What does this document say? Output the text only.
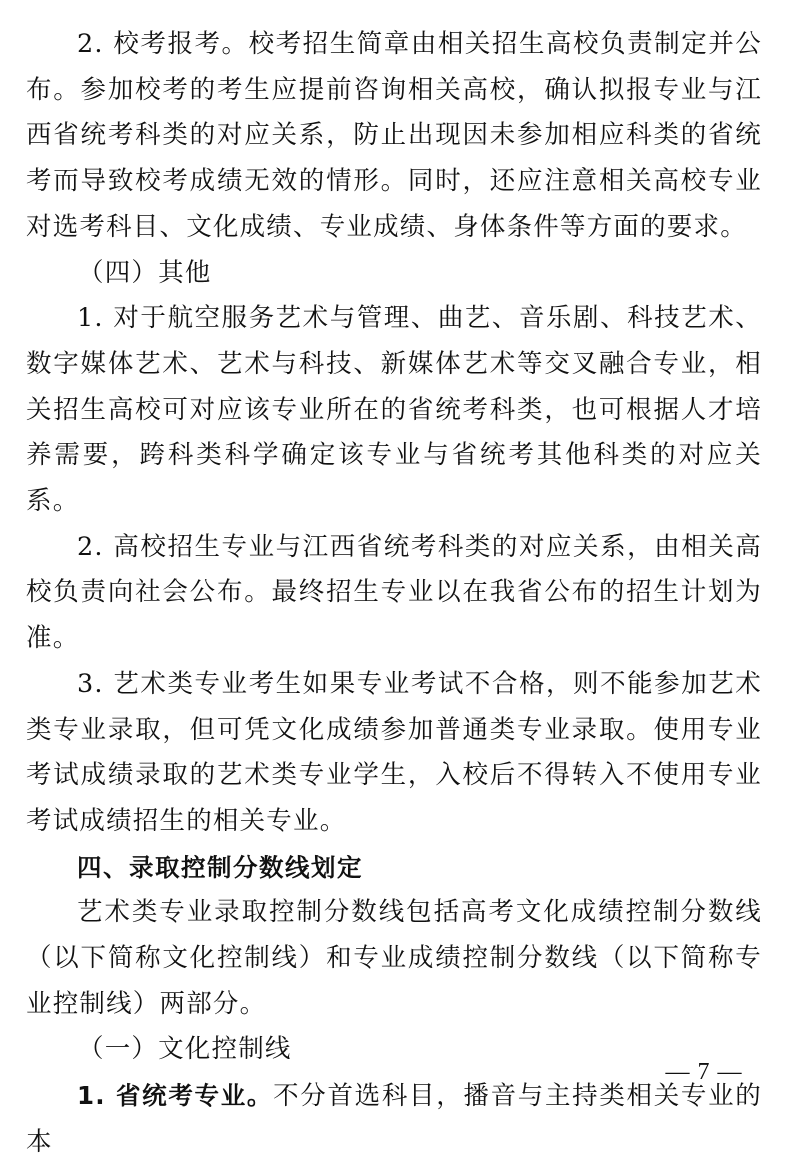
2. 校考报考。校考招生简章由相关招生高校负责制定并公布。参加校考的考生应提前咨询相关高校，确认拟报专业与江西省统考科类的对应关系，防止出现因未参加相应科类的省统考而导致校考成绩无效的情形。同时，还应注意相关高校专业对选考科目、文化成绩、专业成绩、身体条件等方面的要求。

（四）其他

1. 对于航空服务艺术与管理、曲艺、音乐剧、科技艺术、数字媒体艺术、艺术与科技、新媒体艺术等交叉融合专业，相关招生高校可对应该专业所在的省统考科类，也可根据人才培养需要，跨科类科学确定该专业与省统考其他科类的对应关系。

2. 高校招生专业与江西省统考科类的对应关系，由相关高校负责向社会公布。最终招生专业以在我省公布的招生计划为准。

3. 艺术类专业考生如果专业考试不合格，则不能参加艺术类专业录取，但可凭文化成绩参加普通类专业录取。使用专业考试成绩录取的艺术类专业学生，入校后不得转入不使用专业考试成绩招生的相关专业。

四、录取控制分数线划定

艺术类专业录取控制分数线包括高考文化成绩控制分数线（以下简称文化控制线）和专业成绩控制分数线（以下简称专业控制线）两部分。

（一）文化控制线

1. 省统考专业。不分首选科目，播音与主持类相关专业的本

— 7 —
